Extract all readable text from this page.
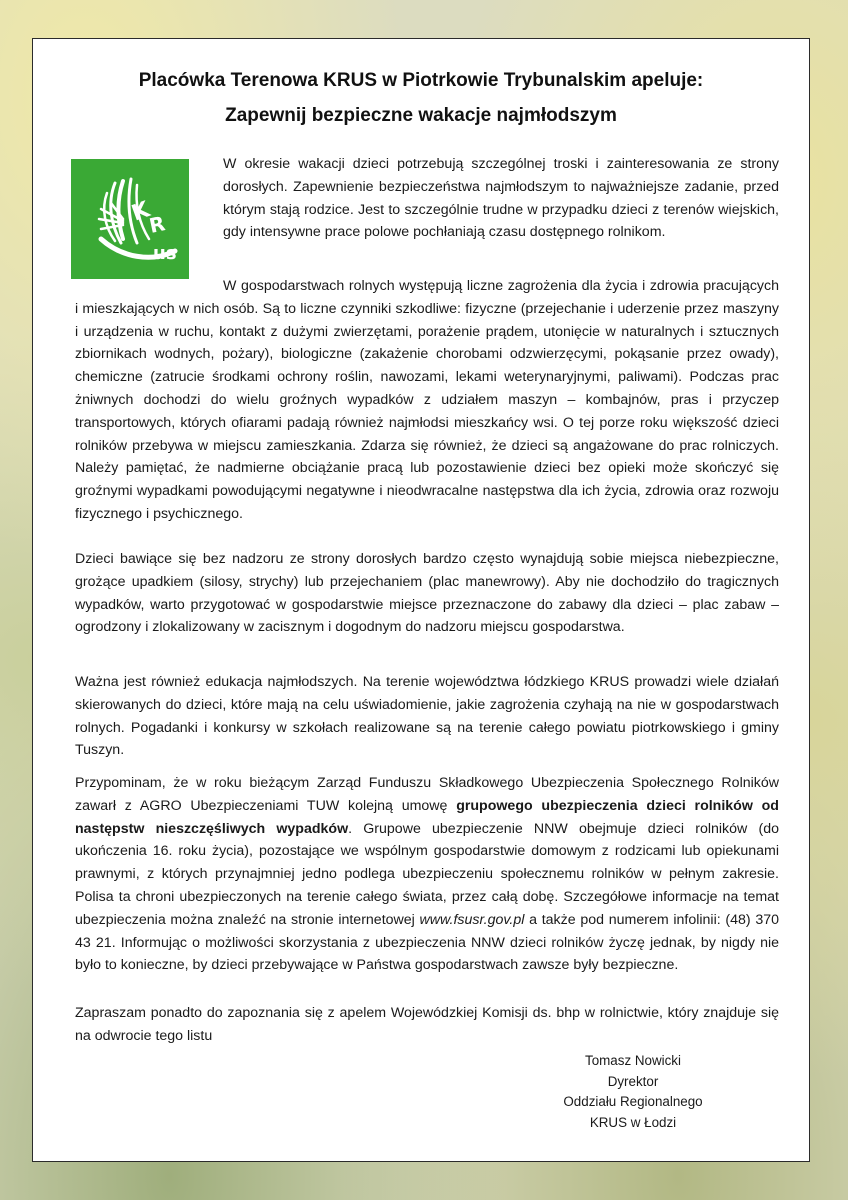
Placówka Terenowa KRUS w Piotrkowie Trybunalskim apeluje:
Zapewnij bezpieczne wakacje najmłodszym
K
R
us

W okresie wakacji dzieci potrzebują szczególnej troski i zainteresowania ze strony dorosłych. Zapewnienie bezpieczeństwa najmłodszym to najważniejsze zadanie, przed którym stają rodzice. Jest to szczególnie trudne w przypadku dzieci z terenów wiejskich, gdy intensywne prace polowe pochłaniają czasu dostępnego rolnikom.

W gospodarstwach rolnych występują liczne zagrożenia dla życia i zdrowia pracujących i mieszkających w nich osób. Są to liczne czynniki szkodliwe: fizyczne (przejechanie i uderzenie przez maszyny i urządzenia w ruchu, kontakt z dużymi zwierzętami, porażenie prądem, utonięcie w naturalnych i sztucznych zbiornikach wodnych, pożary), biologiczne (zakażenie chorobami odzwierzęcymi, pokąsanie przez owady), chemiczne (zatrucie środkami ochrony roślin, nawozami, lekami weterynaryjnymi, paliwami). Podczas prac żniwnych dochodzi do wielu groźnych wypadków z udziałem maszyn – kombajnów, pras i przyczep transportowych, których ofiarami padają również najmłodsi mieszkańcy wsi. O tej porze roku większość dzieci rolników przebywa w miejscu zamieszkania. Zdarza się również, że dzieci są angażowane do prac rolniczych. Należy pamiętać, że nadmierne obciążanie pracą lub pozostawienie dzieci bez opieki może skończyć się groźnymi wypadkami powodującymi negatywne i nieodwracalne następstwa dla ich życia, zdrowia oraz rozwoju fizycznego i psychicznego.

Dzieci bawiące się bez nadzoru ze strony dorosłych bardzo często wynajdują sobie miejsca niebezpieczne, grożące upadkiem (silosy, strychy) lub przejechaniem (plac manewrowy). Aby nie dochodziło do tragicznych wypadków, warto przygotować w gospodarstwie miejsce przeznaczone do zabawy dla dzieci – plac zabaw – ogrodzony i zlokalizowany w zacisznym i dogodnym do nadzoru miejscu gospodarstwa.

Ważna jest również edukacja najmłodszych. Na terenie województwa łódzkiego KRUS prowadzi wiele działań skierowanych do dzieci, które mają na celu uświadomienie, jakie zagrożenia czyhają na nie w gospodarstwach rolnych. Pogadanki i konkursy w szkołach realizowane są na terenie całego powiatu piotrkowskiego i gminy Tuszyn.

Przypominam, że w roku bieżącym Zarząd Funduszu Składkowego Ubezpieczenia Społecznego Rolników zawarł z AGRO Ubezpieczeniami TUW kolejną umowę grupowego ubezpieczenia dzieci rolników od następstw nieszczęśliwych wypadków. Grupowe ubezpieczenie NNW obejmuje dzieci rolników (do ukończenia 16. roku życia), pozostające we wspólnym gospodarstwie domowym z rodzicami lub opiekunami prawnymi, z których przynajmniej jedno podlega ubezpieczeniu społecznemu rolników w pełnym zakresie. Polisa ta chroni ubezpieczonych na terenie całego świata, przez całą dobę. Szczegółowe informacje na temat ubezpieczenia można znaleźć na stronie internetowej www.fsusr.gov.pl a także pod numerem infolinii: (48) 370 43 21. Informując o możliwości skorzystania z ubezpieczenia NNW dzieci rolników życzę jednak, by nigdy nie było to konieczne, by dzieci przebywające w Państwa gospodarstwach zawsze były bezpieczne.

Zapraszam ponadto do zapoznania się z apelem Wojewódzkiej Komisji ds. bhp w rolnictwie, który znajduje się na odwrocie tego listu

Tomasz Nowicki
Dyrektor
Oddziału Regionalnego
KRUS w Łodzi
